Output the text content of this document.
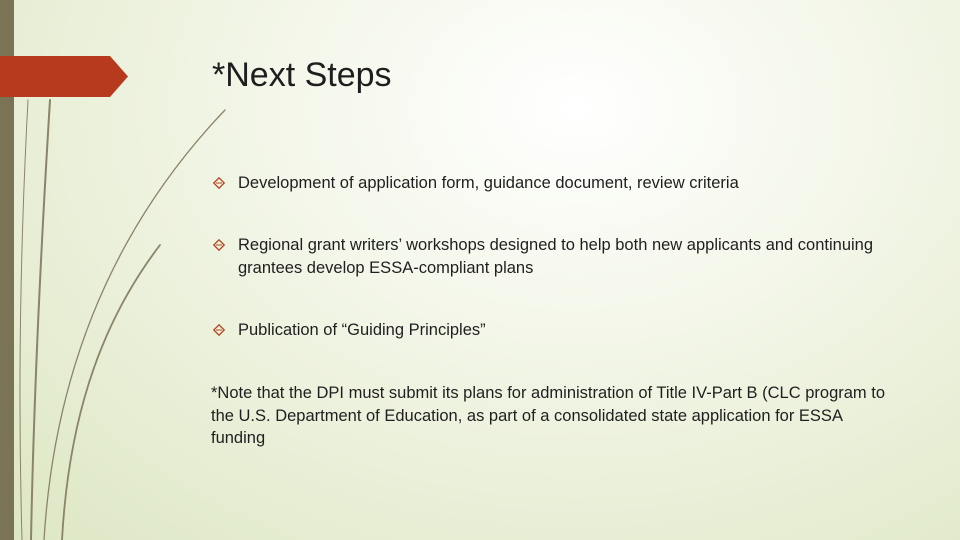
*Next Steps
Development of application form, guidance document, review criteria
Regional grant writers’ workshops designed to help both new applicants and continuing grantees develop ESSA-compliant plans
Publication of “Guiding Principles”

*Note that the DPI must submit its plans for administration of Title IV-Part B (CLC program to the U.S. Department of Education, as part of a consolidated state application for ESSA funding
